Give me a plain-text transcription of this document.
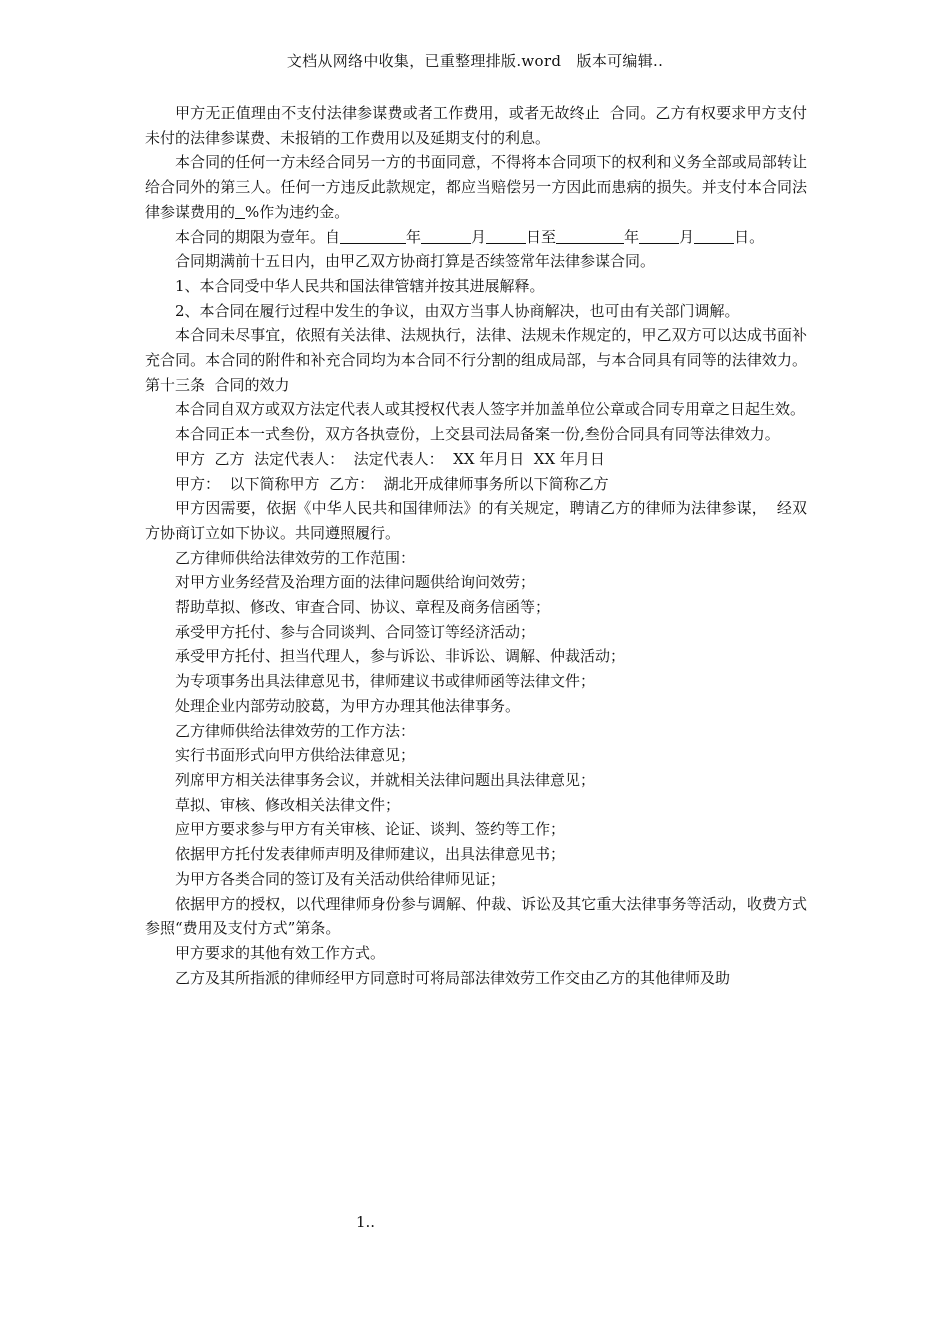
文档从网络中收集，已重整理排版.word　版本可编辑..

甲方无正值理由不支付法律参谋费或者工作费用，或者无故终止  合同。乙方有权要求甲方支付未付的法律参谋费、未报销的工作费用以及延期支付的利息。

本合同的任何一方未经合同另一方的书面同意，不得将本合同项下的权利和义务全部或局部转让给合同外的第三人。任何一方违反此款规定，都应当赔偿另一方因此而患病的损失。并支付本合同法律参谋费用的 %作为违约金。

本合同的期限为壹年。自	年	月	日至	年	月	日。

合同期满前十五日内，由甲乙双方协商打算是否续签常年法律参谋合同。

1、本合同受中华人民共和国法律管辖并按其进展解释。

2、本合同在履行过程中发生的争议，由双方当事人协商解决，也可由有关部门调解。

本合同未尽事宜，依照有关法律、法规执行，法律、法规未作规定的，甲乙双方可以达成书面补充合同。本合同的附件和补充合同均为本合同不行分割的组成局部，与本合同具有同等的法律效力。  第十三条  合同的效力

本合同自双方或双方法定代表人或其授权代表人签字并加盖单位公章或合同专用章之日起生效。

本合同正本一式叁份，双方各执壹份，上交县司法局备案一份,叁份合同具有同等法律效力。

甲方  乙方  法定代表人：  法定代表人：  XX 年月日  XX 年月日

甲方：  以下简称甲方  乙方：  湖北开成律师事务所以下简称乙方

甲方因需要，依据《中华人民共和国律师法》的有关规定，聘请乙方的律师为法律参谋，  经双方协商订立如下协议。共同遵照履行。

乙方律师供给法律效劳的工作范围：

对甲方业务经营及治理方面的法律问题供给询问效劳；

帮助草拟、修改、审查合同、协议、章程及商务信函等；

承受甲方托付、参与合同谈判、合同签订等经济活动；

承受甲方托付、担当代理人，参与诉讼、非诉讼、调解、仲裁活动；

为专项事务出具法律意见书，律师建议书或律师函等法律文件；

处理企业内部劳动胶葛，为甲方办理其他法律事务。

乙方律师供给法律效劳的工作方法：

实行书面形式向甲方供给法律意见；

列席甲方相关法律事务会议，并就相关法律问题出具法律意见；

草拟、审核、修改相关法律文件；

应甲方要求参与甲方有关审核、论证、谈判、签约等工作；

依据甲方托付发表律师声明及律师建议，出具法律意见书；

为甲方各类合同的签订及有关活动供给律师见证；

依据甲方的授权，以代理律师身份参与调解、仲裁、诉讼及其它重大法律事务等活动，收费方式参照“费用及支付方式”第条。

甲方要求的其他有效工作方式。

乙方及其所指派的律师经甲方同意时可将局部法律效劳工作交由乙方的其他律师及助

1..
